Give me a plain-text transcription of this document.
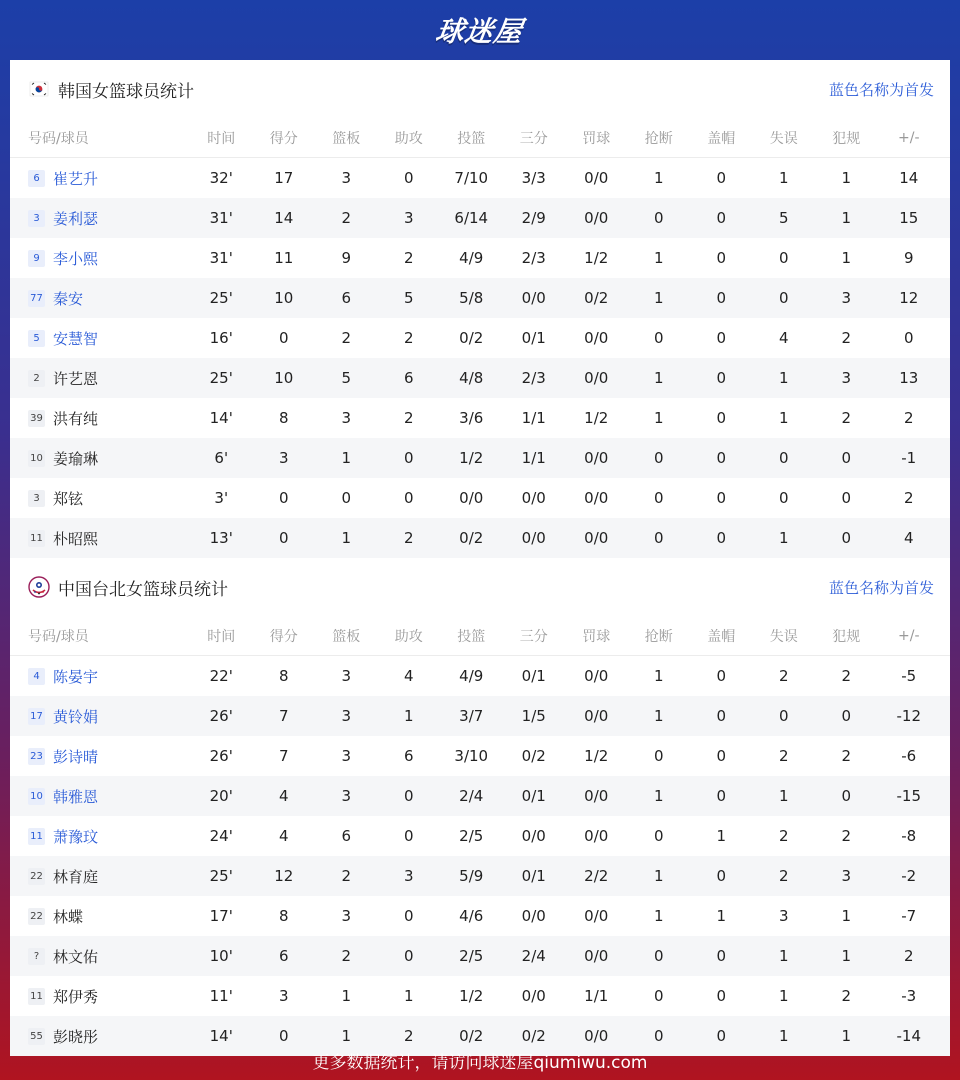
球迷屋
韩国女篮球员统计	蓝色名称为首发
号码/球员	时间	得分	篮板	助攻	投篮	三分	罚球	抢断	盖帽	失误	犯规	+/-
6 崔艺升	32'	17	3	0	7/10	3/3	0/0	1	0	1	1	14
3 姜利瑟	31'	14	2	3	6/14	2/9	0/0	0	0	5	1	15
9 李小熙	31'	11	9	2	4/9	2/3	1/2	1	0	0	1	9
77 秦安	25'	10	6	5	5/8	0/0	0/2	1	0	0	3	12
5 安慧智	16'	0	2	2	0/2	0/1	0/0	0	0	4	2	0
2 许艺恩	25'	10	5	6	4/8	2/3	0/0	1	0	1	3	13
39 洪有纯	14'	8	3	2	3/6	1/1	1/2	1	0	1	2	2
10 姜瑜琳	6'	3	1	0	1/2	1/1	0/0	0	0	0	0	-1
3 郑铉	3'	0	0	0	0/0	0/0	0/0	0	0	0	0	2
11 朴昭熙	13'	0	1	2	0/2	0/0	0/0	0	0	1	0	4
中国台北女篮球员统计	蓝色名称为首发
号码/球员	时间	得分	篮板	助攻	投篮	三分	罚球	抢断	盖帽	失误	犯规	+/-
4 陈晏宇	22'	8	3	4	4/9	0/1	0/0	1	0	2	2	-5
17 黄铃娟	26'	7	3	1	3/7	1/5	0/0	1	0	0	0	-12
23 彭诗晴	26'	7	3	6	3/10	0/2	1/2	0	0	2	2	-6
10 韩雅恩	20'	4	3	0	2/4	0/1	0/0	1	0	1	0	-15
11 萧豫玟	24'	4	6	0	2/5	0/0	0/0	0	1	2	2	-8
22 林育庭	25'	12	2	3	5/9	0/1	2/2	1	0	2	3	-2
22 林蝶	17'	8	3	0	4/6	0/0	0/0	1	1	3	1	-7
? 林文佑	10'	6	2	0	2/5	2/4	0/0	0	0	1	1	2
11 郑伊秀	11'	3	1	1	1/2	0/0	1/1	0	0	1	2	-3
55 彭晓彤	14'	0	1	2	0/2	0/2	0/0	0	0	1	1	-14
更多数据统计，请访问球迷屋qiumiwu.com
